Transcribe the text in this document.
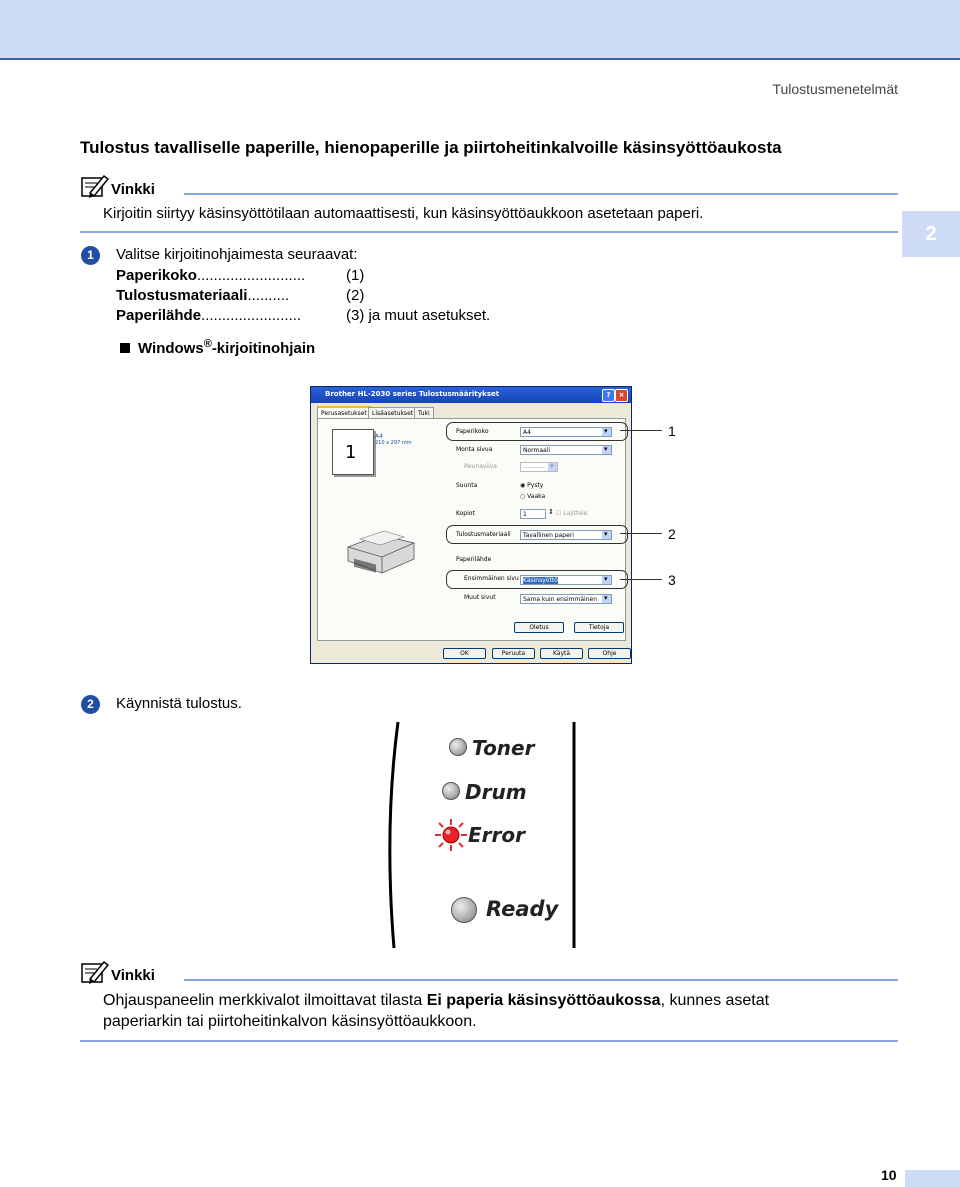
Tulostusmenetelmät
Tulostus tavalliselle paperille, hienopaperille ja piirtoheitinkalvoille käsinsyöttöaukosta
Vinkki
Kirjoitin siirtyy käsinsyöttötilaan automaattisesti, kun käsinsyöttöaukkoon asetetaan paperi.
2
1	Valitse kirjoitinohjaimesta seuraavat:
Paperikoko..........................	(1)
Tulostusmateriaali..........	(2)
Paperilähde........................	(3) ja muut asetukset.
Windows®-kirjoitinohjain
Brother HL-2030 series Tulostusmääritykset	?	×
Perusasetukset Lisäasetukset Tuki
1
A4
210 x 297 mm
Paperikoko	A4
▾
Monta sivua	Normaali
▾
Reunaviiva	----------
▾
Suunta	◉ Pysty
○ Vaaka
Kopiot	1	⇕ ☐ Lajittele
Tulostusmateriaali	Tavallinen paperi
▾
Paperilähde
Ensimmäinen sivu Käsinsyöttö
▾
Muut sivut	Sama kuin ensimmäinen
▾
Oletus	Tietoja
OK	Peruuta	Käytä	Ohje
1
2
3
2	Käynnistä tulostus.
Toner
Drum
Error
Ready
Vinkki
Ohjauspaneelin merkkivalot ilmoittavat tilasta Ei paperia käsinsyöttöaukossa, kunnes asetat
paperiarkin tai piirtoheitinkalvon käsinsyöttöaukkoon.
10
